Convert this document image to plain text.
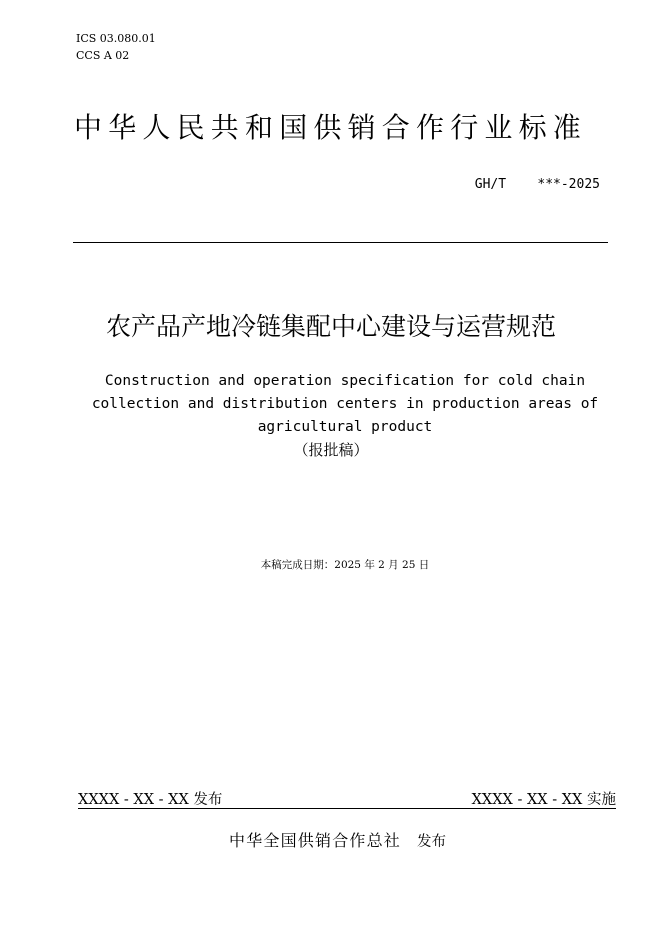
ICS 03.080.01
CCS A 02
中华人民共和国供销合作行业标准
GH/T    ***-2025
农产品产地冷链集配中心建设与运营规范
Construction and operation specification for cold chain collection and distribution centers in production areas of agricultural product
（报批稿）
本稿完成日期：2025 年 2 月 25 日
XXXX - XX - XX 发布	XXXX - XX - XX 实施
中华全国供销合作总社 发布
